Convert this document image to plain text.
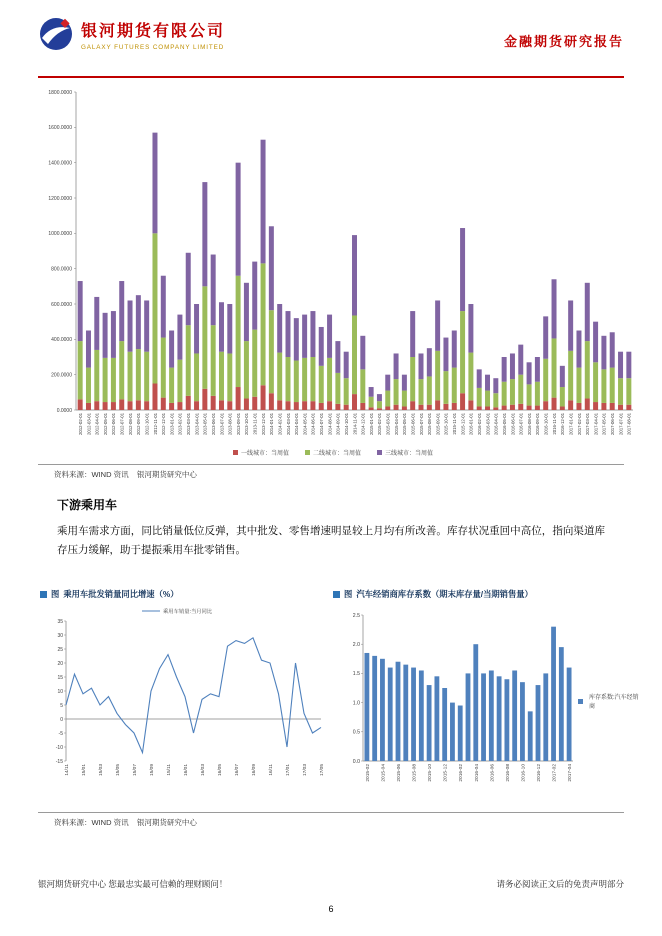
银河期货有限公司
GALAXY FUTURES COMPANY LIMITED	金融期货研究报告
0.0000
200.0000
400.0000
600.0000
800.0000
1000.0000
1200.0000
1400.0000
1600.0000
1800.0000
2012-02-01 2012-03-01 2012-04-01 2012-05-01 2012-06-01 2012-07-01 2012-08-01 2012-09-01 2012-10-01 2012-11-01 2012-12-01 2013-01-01 2013-02-01 2013-03-01 2013-04-01 2013-05-01 2013-06-01 2013-07-01 2013-08-01 2013-09-01 2013-10-01 2013-11-01 2013-12-01 2014-01-01 2014-02-01 2014-03-01 2014-04-01 2014-05-01 2014-06-01 2014-07-01 2014-08-01 2014-09-01 2014-10-01 2014-11-01 2014-12-01 2015-01-01 2015-02-01 2015-03-01 2015-04-01 2015-05-01 2015-06-01 2015-07-01 2015-08-01 2015-09-01 2015-10-01 2015-11-01 2015-12-01 2016-01-01 2016-02-01 2016-03-01 2016-04-01 2016-05-01 2016-06-01 2016-07-01 2016-08-01 2016-09-01 2016-10-01 2016-11-01 2016-12-01 2017-01-01 2017-02-01 2017-03-01 2017-04-01 2017-05-01 2017-06-01 2017-07-01 2017-08-01
一线城市：当周值	二线城市：当周值	三线城市：当周值
资料来源：WIND 资讯    银河期货研究中心
下游乘用车

乘用车需求方面，同比销量低位反弹，其中批发、零售增速明显较上月均有所改善。库存状况重回中高位，指向渠道库存压力缓解，助于提振乘用车批零销售。

图 乘用车批发销量同比增速（%）
-15
-10
-5
0
5
10
15
20
25
30
35
14/11	15/01	15/03	15/05	15/07	15/09	15/11	16/01	16/03	16/05	16/07	16/09	16/11	17/01	17/03	17/05
乘用车销量:当月同比
图 汽车经销商库存系数（期末库存量/当期销售量）
0.0
0.5
1.0
1.5
2.0
2.5
2015-02 2015-04 2015-06 2015-08 2015-10 2015-12 2016-02 2016-04 2016-06 2016-08 2016-10 2016-12 2017-02 2017-04
库存系数:汽车经销商
资料来源：WIND 资讯    银河期货研究中心
银河期货研究中心 您最忠实最可信赖的理财顾问！	请务必阅读正文后的免责声明部分
6
